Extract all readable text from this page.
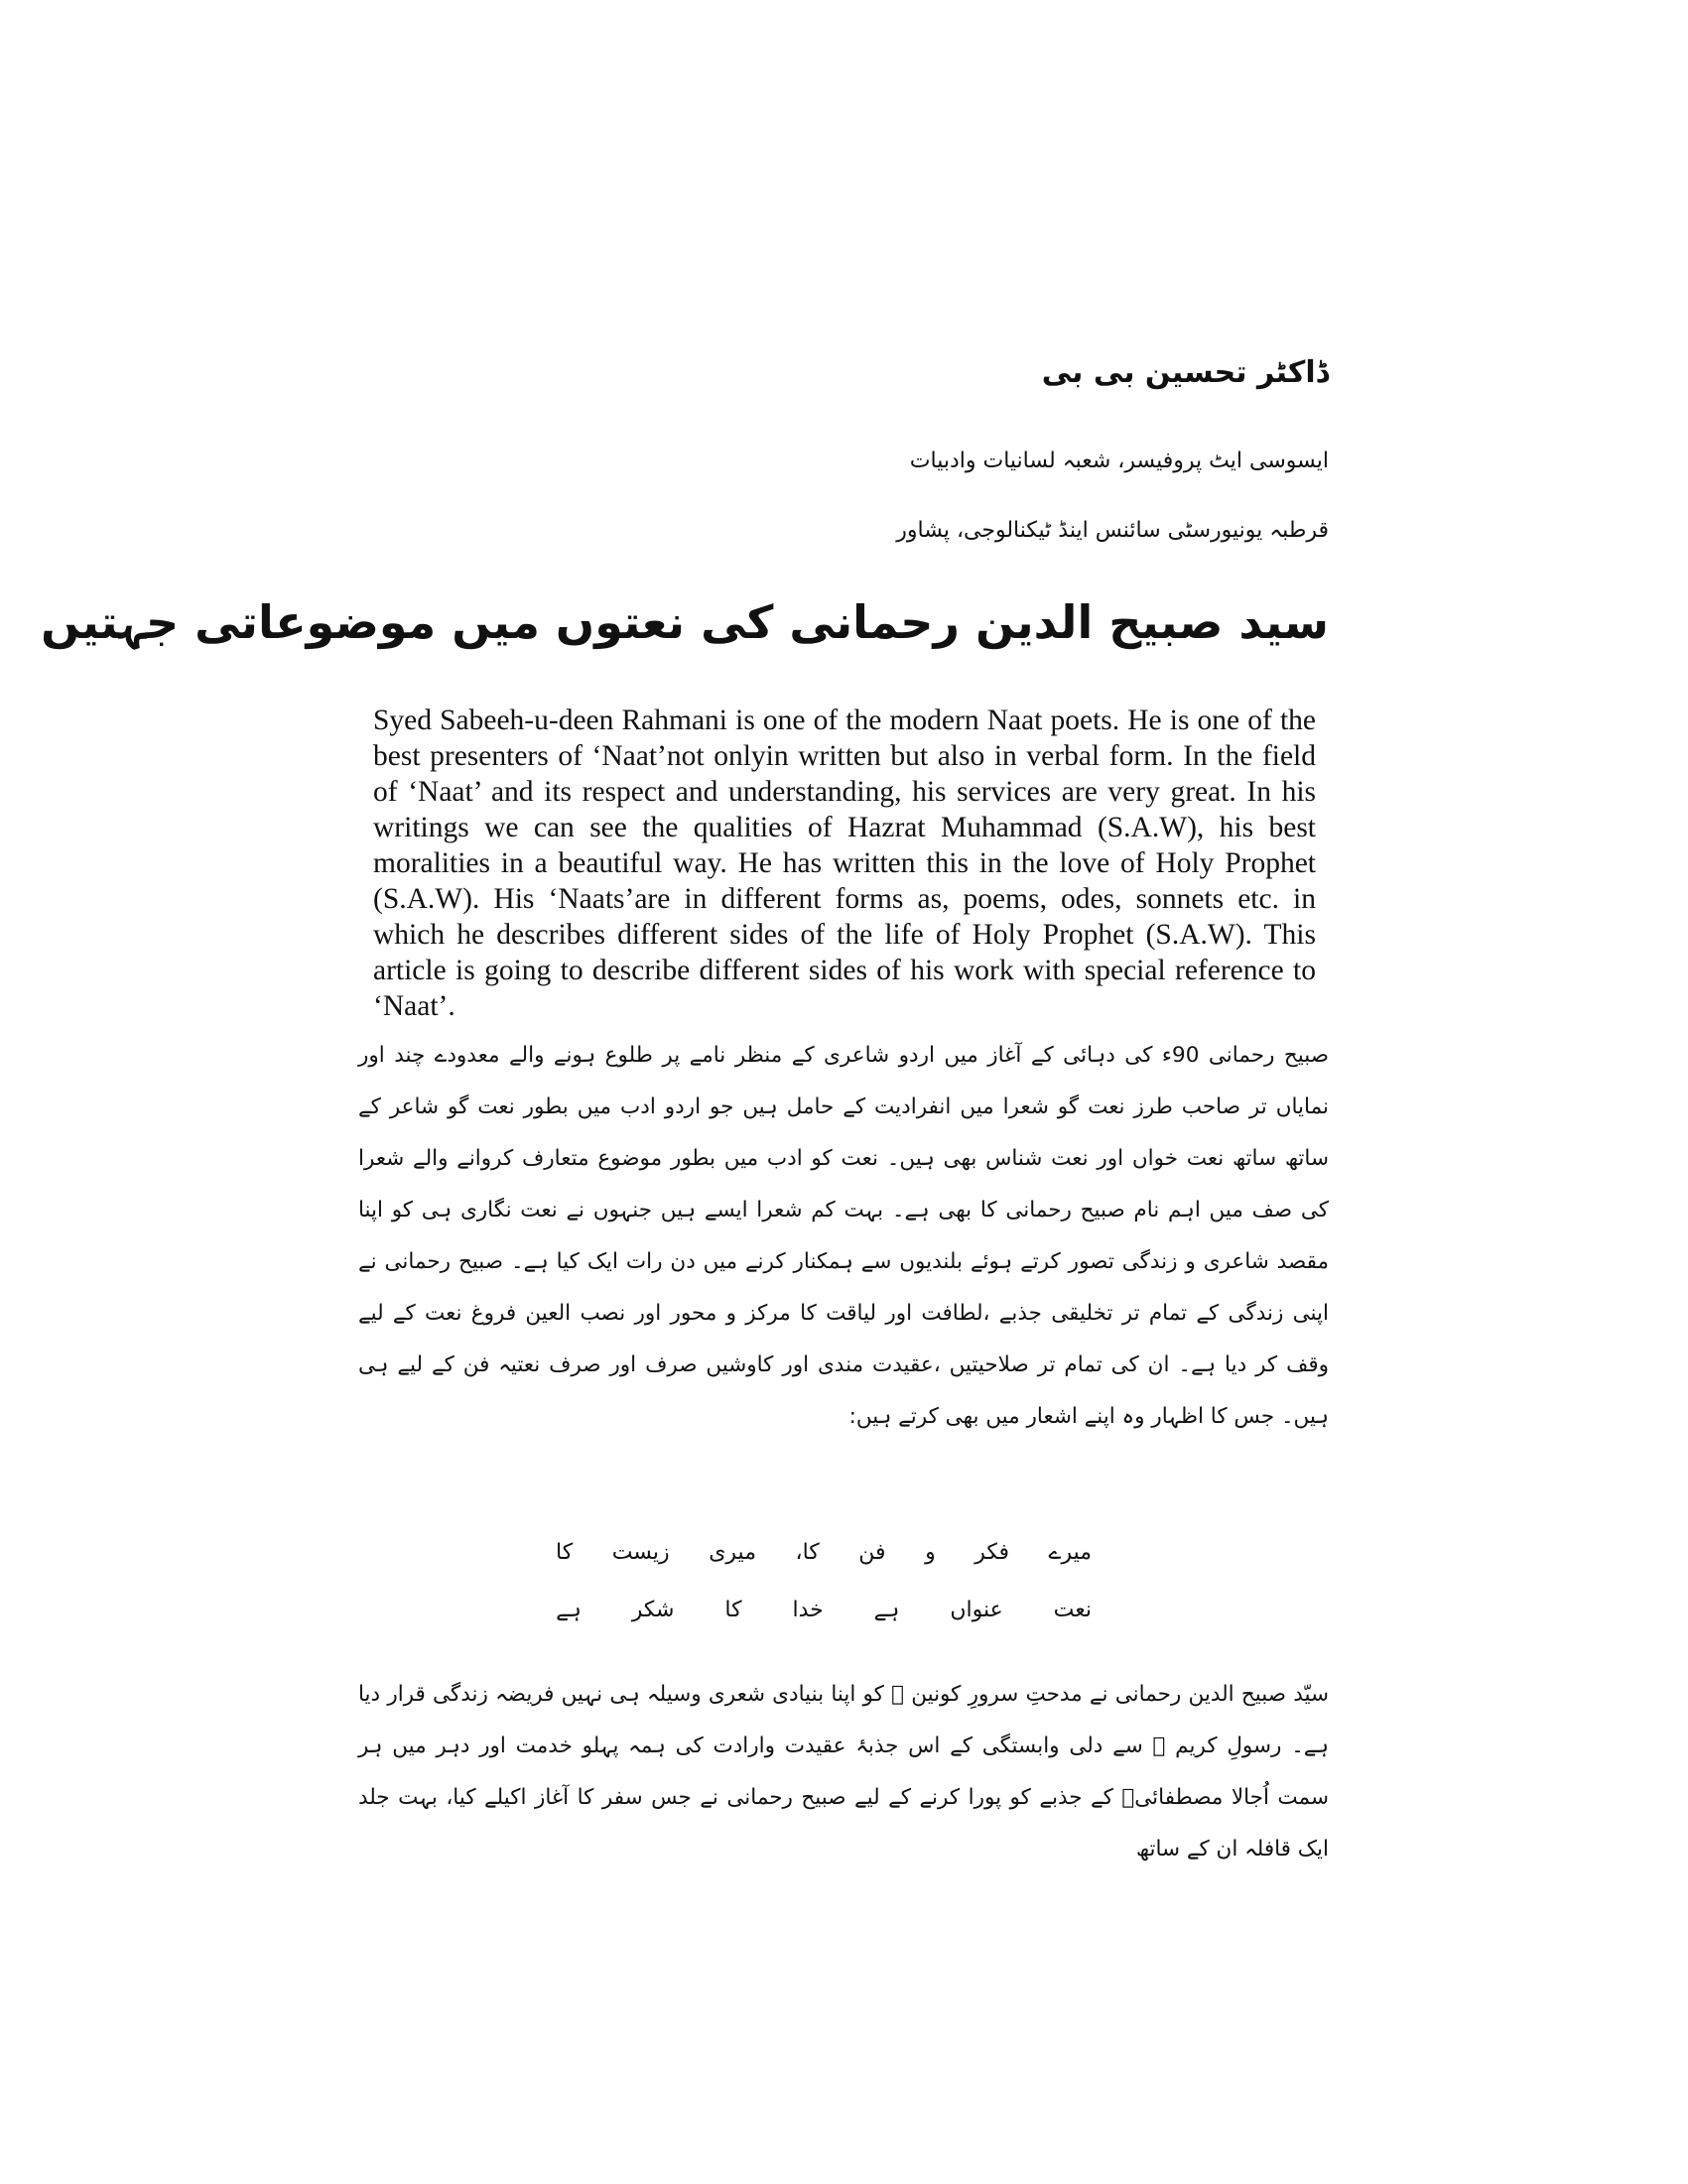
ڈاکٹر تحسین بی بی
ایسوسی ایٹ پروفیسر، شعبہ لسانیات وادبیات
قرطبہ یونیورسٹی سائنس اینڈ ٹیکنالوجی، پشاور
سید صبیح الدین رحمانی کی نعتوں میں موضوعاتی جہتیں

Syed Sabeeh-u-deen Rahmani is one of the modern Naat poets. He is one of the best presenters of ‘Naat’not onlyin written but also in verbal form. In the field of ‘Naat’ and its respect and understanding, his services are very great. In his writings we can see the qualities of Hazrat Muhammad (S.A.W), his best moralities in a beautiful way. He has written this in the love of Holy Prophet (S.A.W). His ‘Naats’are in different forms as, poems, odes, sonnets etc. in which he describes different sides of the life of Holy Prophet (S.A.W). This article is going to describe different sides of his work with special reference to ‘Naat’.

صبیح رحمانی 90ء کی دہائی کے آغاز میں اردو شاعری کے منظر نامے پر طلوع ہونے والے معدودے چند اور نمایاں تر صاحب طرز نعت گو شعرا میں انفرادیت کے حامل ہیں جو اردو ادب میں بطور نعت گو شاعر کے ساتھ ساتھ نعت خواں اور نعت شناس بھی ہیں۔ نعت کو ادب میں بطور موضوع متعارف کروانے والے شعرا کی صف میں اہم نام صبیح رحمانی کا بھی ہے۔ بہت کم شعرا ایسے ہیں جنہوں نے نعت نگاری ہی کو اپنا مقصد شاعری و زندگی تصور کرتے ہوئے بلندیوں سے ہمکنار کرنے میں دن رات ایک کیا ہے۔ صبیح رحمانی نے اپنی زندگی کے تمام تر تخلیقی جذبے ،لطافت اور لیاقت کا مرکز و محور اور نصب العین فروغ نعت کے لیے وقف کر دیا ہے۔ ان کی تمام تر صلاحیتیں ،عقیدت مندی اور کاوشیں صرف اور صرف نعتیہ فن کے لیے ہی ہیں۔ جس کا اظہار وہ اپنے اشعار میں بھی کرتے ہیں:

میرے
فکر
و
فن
کا،
میری
زیست
کا
نعت
عنواں
ہے
خدا
کا
شکر
ہے

سیّد صبیح الدین رحمانی نے مدحتِ سرورِ کونین ﷺ کو اپنا بنیادی شعری وسیلہ ہی نہیں فریضہ زندگی قرار دیا ہے۔ رسولِ کریم ﷺ سے دلی وابستگی کے اس جذبۂ عقیدت وارادت کی ہمہ پہلو خدمت اور دہر میں ہر سمت اُجالا مصطفائیؐ کے جذبے کو پورا کرنے کے لیے صبیح رحمانی نے جس سفر کا آغاز اکیلے کیا، بہت جلد ایک قافلہ ان کے ساتھ
